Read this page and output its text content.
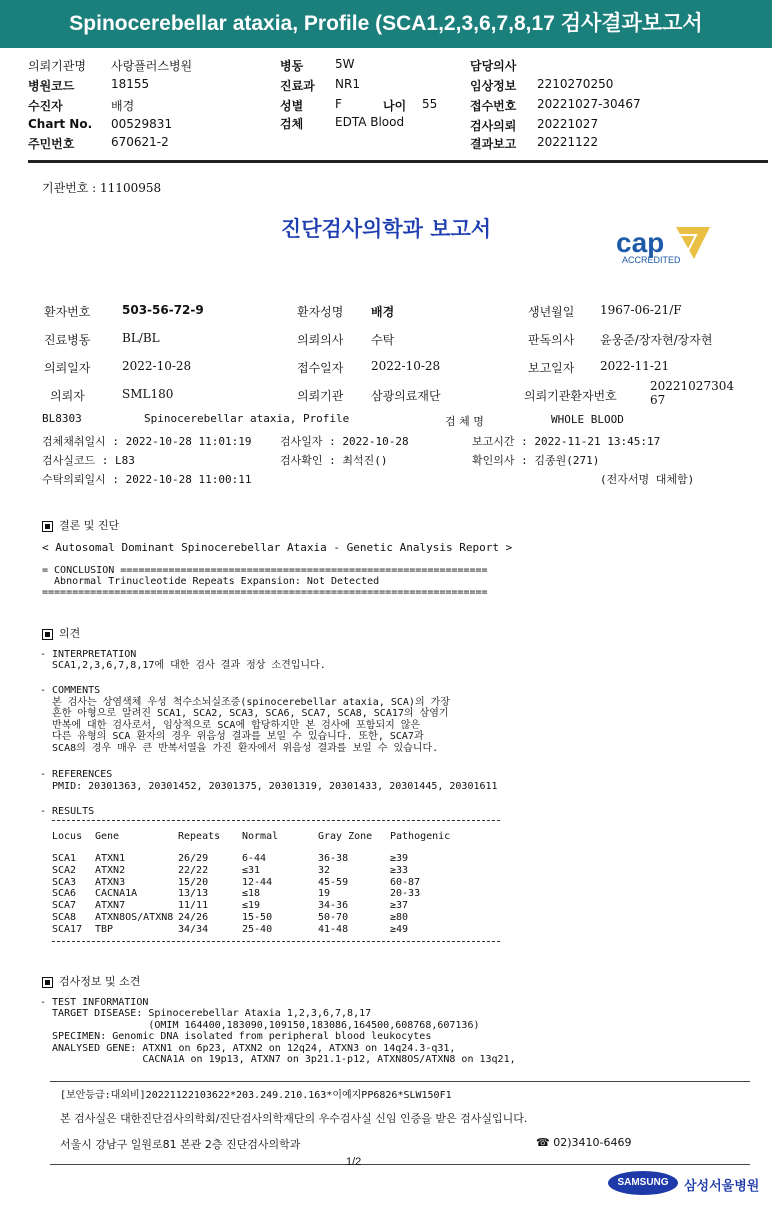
Spinocerebellar ataxia, Profile (SCA1,2,3,6,7,8,17 검사결과보고서
의뢰기관명 사랑플러스병원
병원코드	18155
수진자	배경
Chart No. 00529831
주민번호	670621-2
병동	5W
진료과 NR1
성별	F	나이 55
검체	EDTA Blood
담당의사
임상정보 2210270250
접수번호 20221027-30467
검사의뢰 20221027
결과보고 20221122
기관번호 : 11100958
진단검사의학과 보고서	cap
ACCREDITED
환자번호	503-56-72-9	환자성명 배경	생년월일 1967-06-21/F
진료병동	BL/BL	의뢰의사 수탁	판독의사 윤웅준/장자현/장자현
의뢰일자	2022-10-28	접수일자 2022-10-28	보고일자 2022-11-21
의뢰자	SML180	의뢰기관 삼광의료재단	의뢰기관환자번호
2022102730467
BL8303	Spinocerebellar ataxia, Profile	검 체 명	WHOLE BLOOD
검체채취일시 : 2022-10-28 11:01:19	검사일자 : 2022-10-28	보고시간 : 2022-11-21 13:45:17
검사실코드 : L83	검사확인 : 최석진()	확인의사 : 김종원(271)
수탁의뢰일시 : 2022-10-28 11:00:11	(전자서명 대체함)
결론 및 진단
< Autosomal Dominant Spinocerebellar Ataxia - Genetic Analysis Report >
= CONCLUSION =============================================================
Abnormal Trinucleotide Repeats Expansion: Not Detected
==========================================================================
의견
- INTERPRETATION
SCA1,2,3,6,7,8,17에 대한 검사 결과 정상 소견입니다.
- COMMENTS
본 검사는 상염색체 우성 척수소뇌실조증(spinocerebellar ataxia, SCA)의 가장
흔한 아형으로 알려진 SCA1, SCA2, SCA3, SCA6, SCA7, SCA8, SCA17의 삼염기
반복에 대한 검사로서, 임상적으로 SCA에 합당하지만 본 검사에 포함되지 않은
다른 유형의 SCA 환자의 경우 위음성 결과를 보일 수 있습니다. 또한, SCA7과
SCA8의 경우 매우 큰 반복서열을 가진 환자에서 위음성 결과를 보일 수 있습니다.
- REFERENCES
PMID: 20301363, 20301452, 20301375, 20301319, 20301433, 20301445, 20301611
- RESULTS
Locus Gene	Repeats Normal	Gray Zone Pathogenic
SCA1 ATXN1	26/29	6-44	36-38	≥39
SCA2 ATXN2	22/22	≤31	32	≥33
SCA3 ATXN3	15/20	12-44	45-59	60-87
SCA6 CACNA1A	13/13	≤18	19	20-33
SCA7 ATXN7	11/11	≤19	34-36	≥37
SCA8 ATXN8OS/ATXN8 24/26	15-50	50-70	≥80
SCA17 TBP	34/34	25-40	41-48	≥49
검사정보 및 소견
- TEST INFORMATION
TARGET DISEASE: Spinocerebellar Ataxia 1,2,3,6,7,8,17
(OMIM 164400,183090,109150,183086,164500,608768,607136)
SPECIMEN: Genomic DNA isolated from peripheral blood leukocytes
ANALYSED GENE: ATXN1 on 6p23, ATXN2 on 12q24, ATXN3 on 14q24.3-q31,
CACNA1A on 19p13, ATXN7 on 3p21.1-p12, ATXN8OS/ATXN8 on 13q21,
[보안등급:대외비]20221122103622*203.249.210.163*이예지PP6826*SLW150F1
본 검사실은 대한진단검사의학회/진단검사의학재단의 우수검사실 신임 인증을 받은 검사실입니다.
서울시 강남구 일원로81 본관 2층 진단검사의학과	☎ 02)3410-6469
1/2
SAMSUNG	삼성서울병원
